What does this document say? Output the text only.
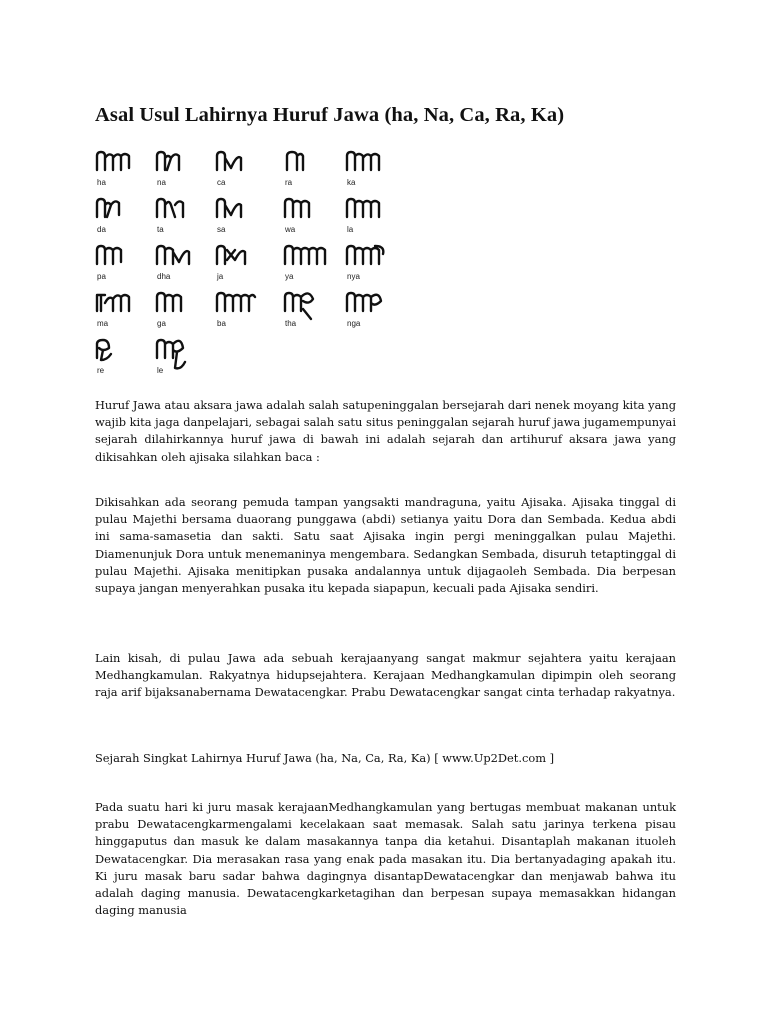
Asal Usul Lahirnya Huruf Jawa (ha, Na, Ca, Ra, Ka)
ha	na	ca	ra	ka
da	ta	sa	wa	la
pa	dha	ja	ya	nya
ma	ga	ba	tha	nga
re	le

Huruf Jawa atau aksara jawa adalah salah satupeninggalan bersejarah dari nenek moyang kita yang wajib kita jaga danpelajari, sebagai salah satu situs peninggalan sejarah huruf jawa jugamempunyai sejarah dilahirkannya huruf jawa di bawah ini adalah sejarah dan artihuruf aksara jawa yang dikisahkan oleh ajisaka silahkan baca :

Dikisahkan ada seorang pemuda tampan yangsakti mandraguna, yaitu Ajisaka. Ajisaka tinggal di pulau Majethi bersama duaorang punggawa (abdi) setianya yaitu Dora dan Sembada. Kedua abdi ini sama-samasetia dan sakti. Satu saat Ajisaka ingin pergi meninggalkan pulau Majethi. Diamenunjuk Dora untuk menemaninya mengembara. Sedangkan Sembada, disuruh tetaptinggal di pulau Majethi. Ajisaka menitipkan pusaka andalannya untuk dijagaoleh Sembada. Dia berpesan supaya jangan menyerahkan pusaka itu kepada siapapun, kecuali pada Ajisaka sendiri.

Lain kisah, di pulau Jawa ada sebuah kerajaanyang sangat makmur sejahtera yaitu kerajaan Medhangkamulan. Rakyatnya hidupsejahtera. Kerajaan Medhangkamulan dipimpin oleh seorang raja arif bijaksanabernama Dewatacengkar. Prabu Dewatacengkar sangat cinta terhadap rakyatnya.

Sejarah Singkat Lahirnya Huruf Jawa (ha, Na, Ca, Ra, Ka) [ www.Up2Det.com ]

Pada suatu hari ki juru masak kerajaanMedhangkamulan yang bertugas membuat makanan untuk prabu Dewatacengkarmengalami kecelakaan saat memasak. Salah satu jarinya terkena pisau hinggaputus dan masuk ke dalam masakannya tanpa dia ketahui. Disantaplah makanan ituoleh Dewatacengkar. Dia merasakan rasa yang enak pada masakan itu. Dia bertanyadaging apakah itu. Ki juru masak baru sadar bahwa dagingnya disantapDewatacengkar dan menjawab bahwa itu adalah daging manusia. Dewatacengkarketagihan dan berpesan supaya memasakkan hidangan daging manusia
